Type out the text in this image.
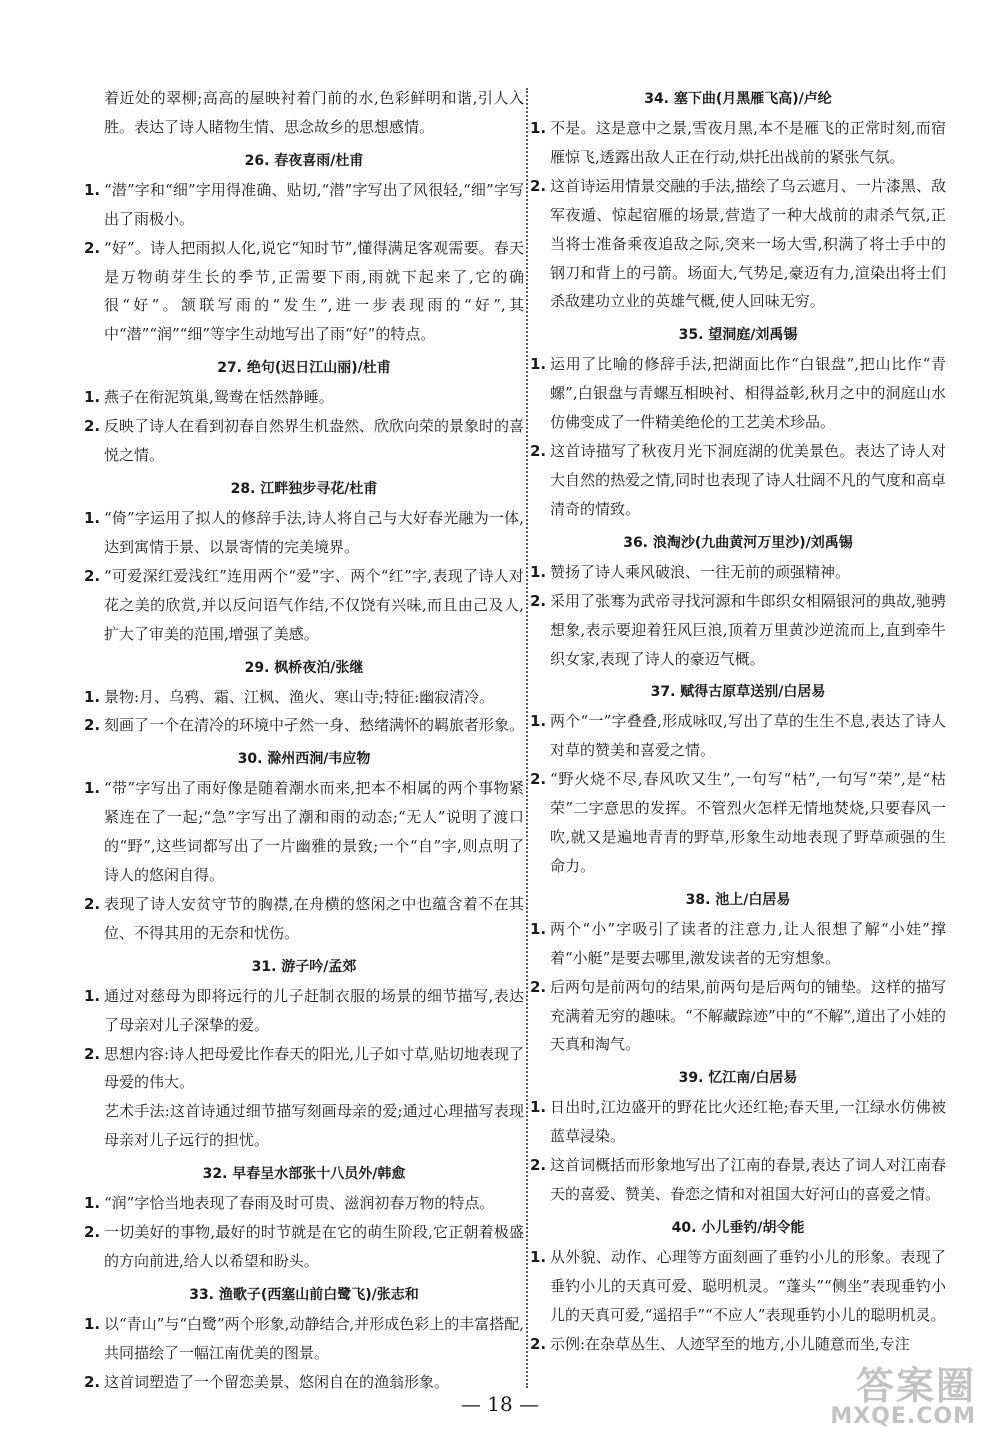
着近处的翠柳;高高的屋映衬着门前的水,色彩鲜明和谐,引人入胜。表达了诗人睹物生情、思念故乡的思想感情。
26. 春夜喜雨/杜甫
1. “潜”字和“细”字用得准确、贴切,“潜”字写出了风很轻,“细”字写出了雨极小。
2. “好”。诗人把雨拟人化,说它“知时节”,懂得满足客观需要。春天是万物萌芽生长的季节,正需要下雨,雨就下起来了,它的确很“好”。颔联写雨的“发生”,进一步表现雨的“好”,其中“潜”“润”“细”等字生动地写出了雨“好”的特点。
27. 绝句(迟日江山丽)/杜甫
1. 燕子在衔泥筑巢,鸳鸯在恬然静睡。
2. 反映了诗人在看到初春自然界生机盎然、欣欣向荣的景象时的喜悦之情。
28. 江畔独步寻花/杜甫
1. “倚”字运用了拟人的修辞手法,诗人将自己与大好春光融为一体,达到寓情于景、以景寄情的完美境界。
2. “可爱深红爱浅红”连用两个“爱”字、两个“红”字,表现了诗人对花之美的欣赏,并以反问语气作结,不仅饶有兴味,而且由己及人,扩大了审美的范围,增强了美感。
29. 枫桥夜泊/张继
1. 景物:月、乌鸦、霜、江枫、渔火、寒山寺;特征:幽寂清冷。
2. 刻画了一个在清冷的环境中孑然一身、愁绪满怀的羁旅者形象。
30. 滁州西涧/韦应物
1. “带”字写出了雨好像是随着潮水而来,把本不相属的两个事物紧紧连在了一起;“急”字写出了潮和雨的动态;“无人”说明了渡口的“野”,这些词都写出了一片幽雅的景致;一个“自”字,则点明了诗人的悠闲自得。
2. 表现了诗人安贫守节的胸襟,在舟横的悠闲之中也蕴含着不在其位、不得其用的无奈和忧伤。
31. 游子吟/孟郊
1. 通过对慈母为即将远行的儿子赶制衣服的场景的细节描写,表达了母亲对儿子深挚的爱。
2. 思想内容:诗人把母爱比作春天的阳光,儿子如寸草,贴切地表现了母爱的伟大。
艺术手法:这首诗通过细节描写刻画母亲的爱;通过心理描写表现母亲对儿子远行的担忧。
32. 早春呈水部张十八员外/韩愈
1. “润”字恰当地表现了春雨及时可贵、滋润初春万物的特点。
2. 一切美好的事物,最好的时节就是在它的萌生阶段,它正朝着极盛的方向前进,给人以希望和盼头。
33. 渔歌子(西塞山前白鹭飞)/张志和
1. 以“青山”与“白鹭”两个形象,动静结合,并形成色彩上的丰富搭配,共同描绘了一幅江南优美的图景。
2. 这首词塑造了一个留恋美景、悠闲自在的渔翁形象。
34. 塞下曲(月黑雁飞高)/卢纶
1. 不是。这是意中之景,雪夜月黑,本不是雁飞的正常时刻,而宿雁惊飞,透露出敌人正在行动,烘托出战前的紧张气氛。
2. 这首诗运用情景交融的手法,描绘了乌云遮月、一片漆黑、敌军夜遁、惊起宿雁的场景,营造了一种大战前的肃杀气氛,正当将士准备乘夜追敌之际,突来一场大雪,积满了将士手中的钢刀和背上的弓箭。场面大,气势足,豪迈有力,渲染出将士们杀敌建功立业的英雄气概,使人回味无穷。
35. 望洞庭/刘禹锡
1. 运用了比喻的修辞手法,把湖面比作“白银盘”,把山比作“青螺”,白银盘与青螺互相映衬、相得益彰,秋月之中的洞庭山水仿佛变成了一件精美绝伦的工艺美术珍品。
2. 这首诗描写了秋夜月光下洞庭湖的优美景色。表达了诗人对大自然的热爱之情,同时也表现了诗人壮阔不凡的气度和高卓清奇的情致。
36. 浪淘沙(九曲黄河万里沙)/刘禹锡
1. 赞扬了诗人乘风破浪、一往无前的顽强精神。
2. 采用了张骞为武帝寻找河源和牛郎织女相隔银河的典故,驰骋想象,表示要迎着狂风巨浪,顶着万里黄沙逆流而上,直到牵牛织女家,表现了诗人的豪迈气概。
37. 赋得古原草送别/白居易
1. 两个“一”字叠叠,形成咏叹,写出了草的生生不息,表达了诗人对草的赞美和喜爱之情。
2. “野火烧不尽,春风吹又生”,一句写“枯”,一句写“荣”,是“枯荣”二字意思的发挥。不管烈火怎样无情地焚烧,只要春风一吹,就又是遍地青青的野草,形象生动地表现了野草顽强的生命力。
38. 池上/白居易
1. 两个“小”字吸引了读者的注意力,让人很想了解“小娃”撑着“小艇”是要去哪里,激发读者的无穷想象。
2. 后两句是前两句的结果,前两句是后两句的铺垫。这样的描写充满着无穷的趣味。“不解藏踪迹”中的“不解”,道出了小娃的天真和淘气。
39. 忆江南/白居易
1. 日出时,江边盛开的野花比火还红艳;春天里,一江绿水仿佛被蓝草浸染。
2. 这首词概括而形象地写出了江南的春景,表达了词人对江南春天的喜爱、赞美、眷恋之情和对祖国大好河山的喜爱之情。
40. 小儿垂钓/胡令能
1. 从外貌、动作、心理等方面刻画了垂钓小儿的形象。表现了垂钓小儿的天真可爱、聪明机灵。“蓬头”“侧坐”表现垂钓小儿的天真可爱,“遥招手”“不应人”表现垂钓小儿的聪明机灵。
2. 示例:在杂草丛生、人迹罕至的地方,小儿随意而坐,专注
— 18 —	答案圈
MXQE.COM
